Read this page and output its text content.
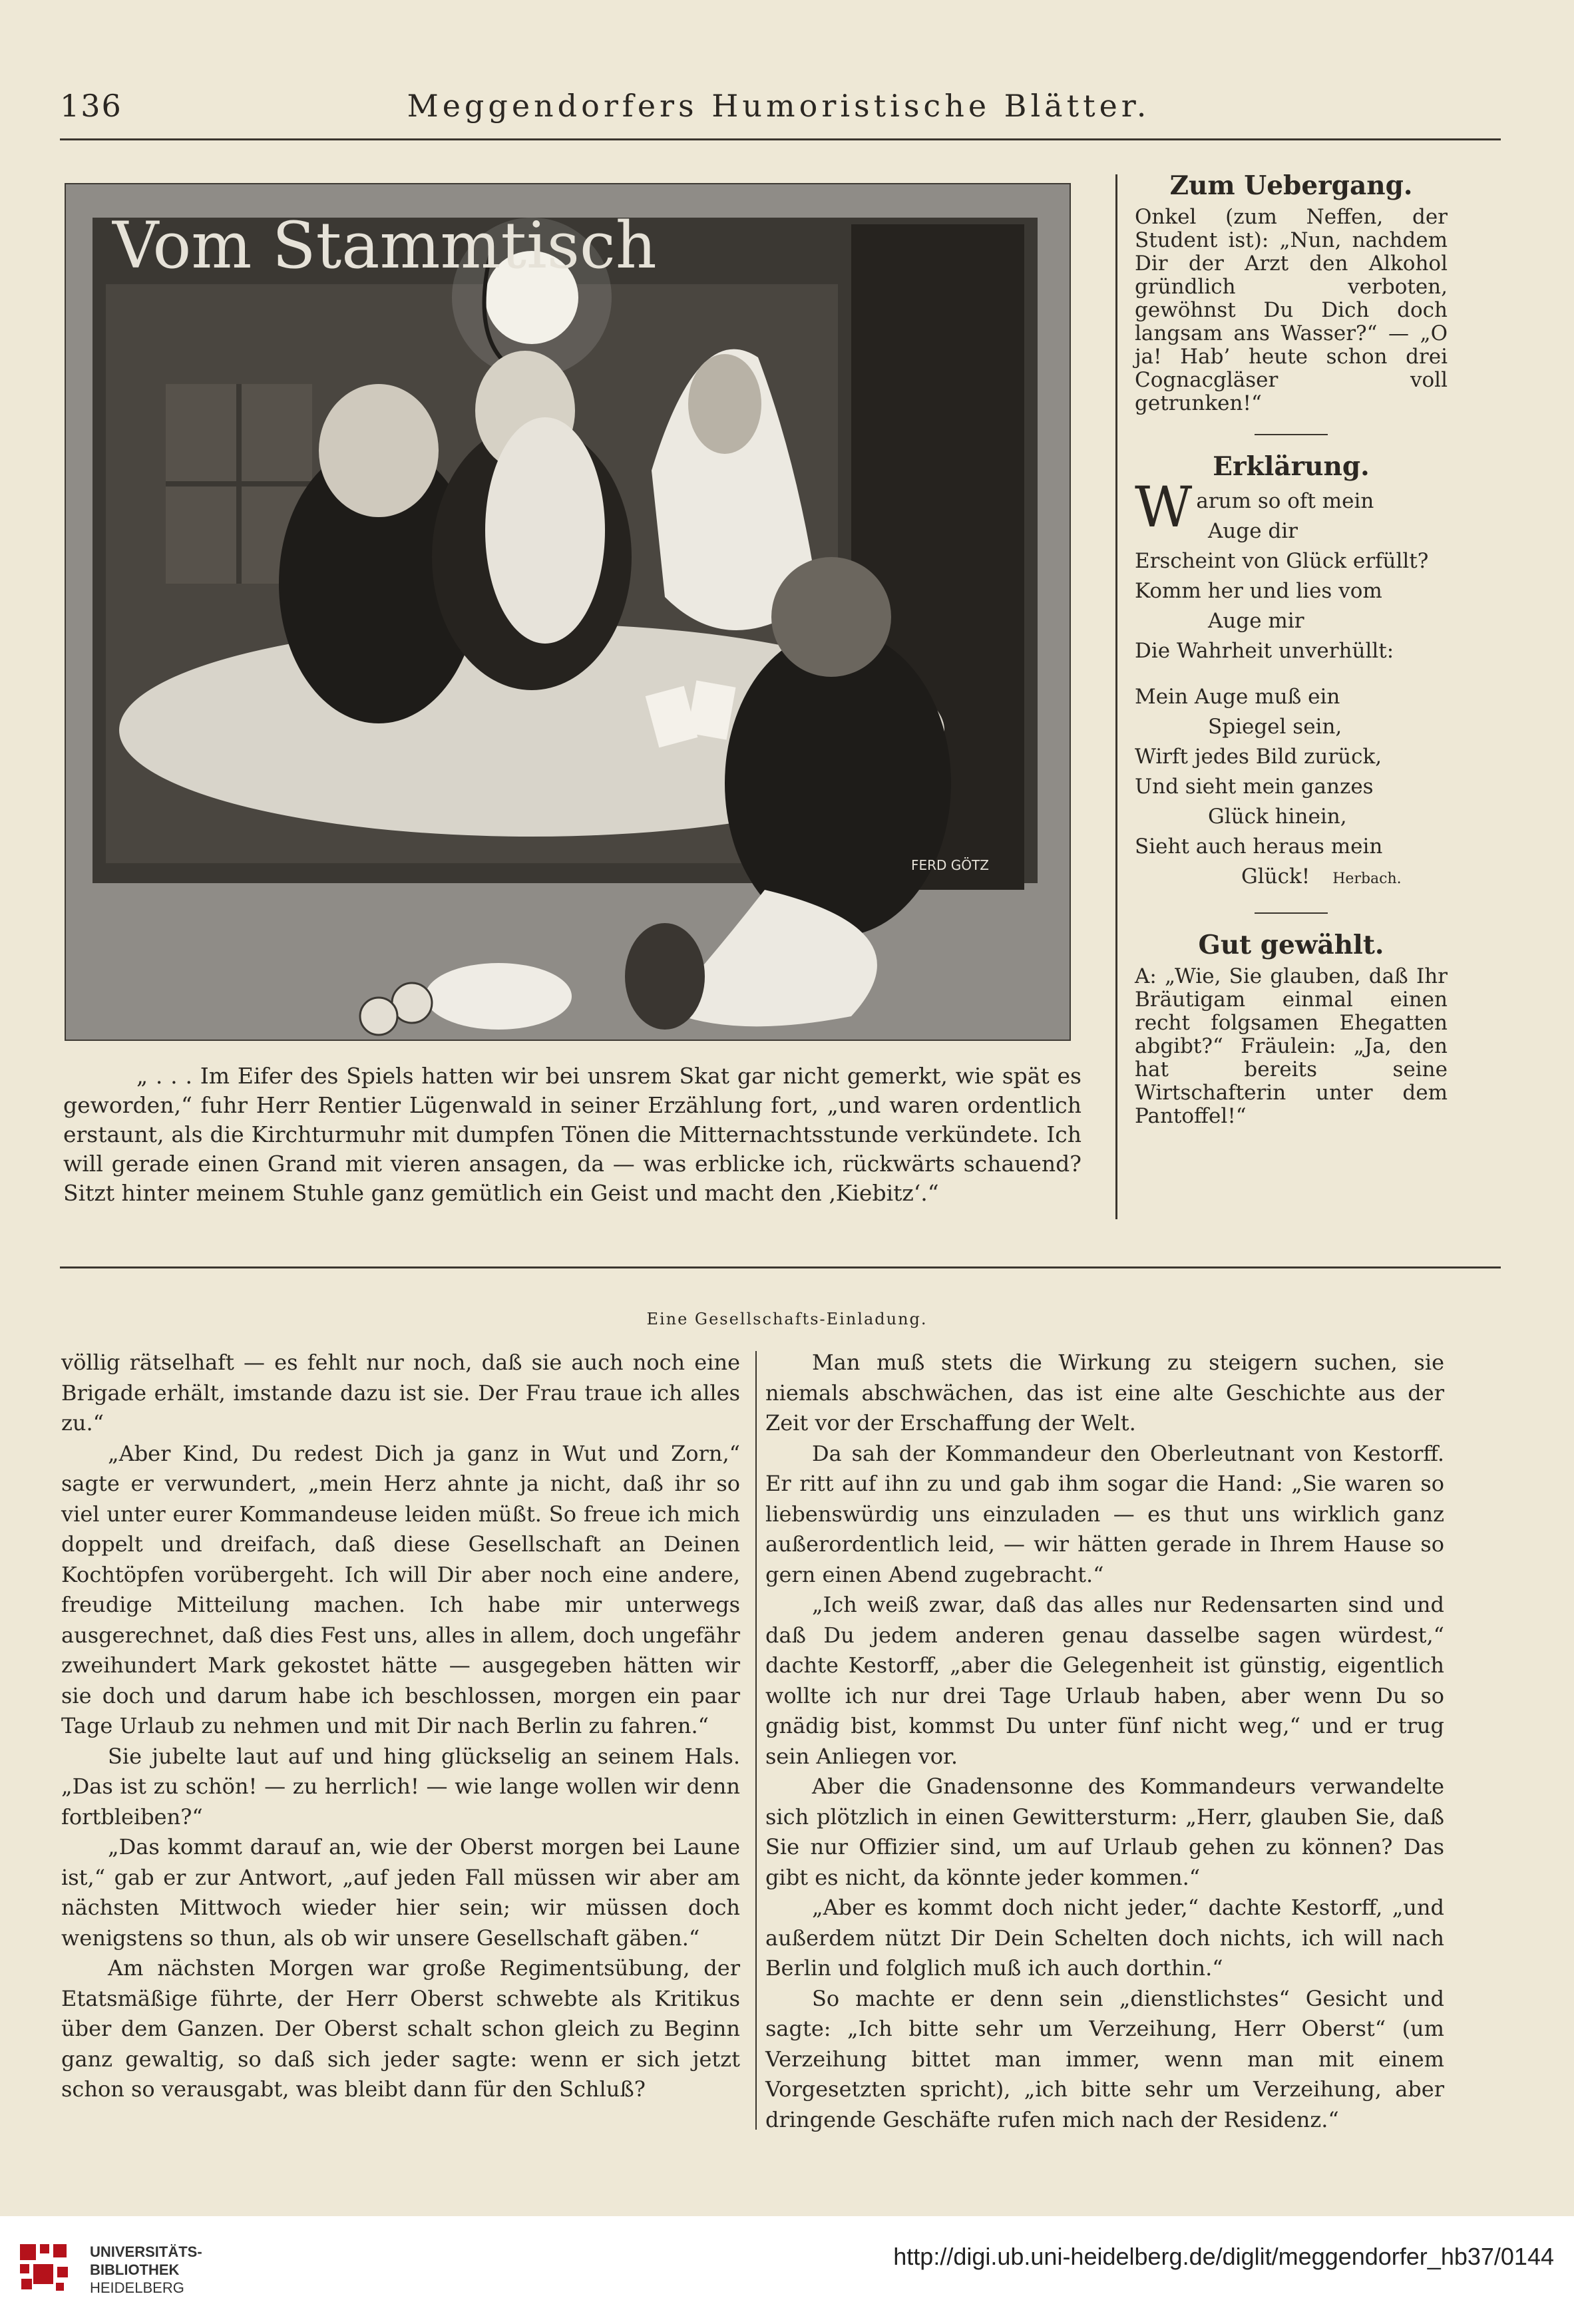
136	Meggendorfers Humoristische Blätter.
Vom Stammtisch
FERD GÖTZ

„ . . . Im Eifer des Spiels hatten wir bei unsrem Skat gar nicht gemerkt, wie spät es geworden,“ fuhr Herr Rentier Lügenwald in seiner Erzählung fort, „und waren ordentlich erstaunt, als die Kirchturmuhr mit dumpfen Tönen die Mitternachtsstunde verkündete. Ich will gerade einen Grand mit vieren ansagen, da — was erblicke ich, rückwärts schauend? Sitzt hinter meinem Stuhle ganz gemütlich ein Geist und macht den ‚Kiebitz‘.“

Zum Uebergang.

Onkel (zum Neffen, der Student ist): „Nun, nachdem Dir der Arzt den Alkohol gründlich verboten, gewöhnst Du Dich doch langsam ans Wasser?“ — „O ja! Hab’ heute schon drei Cognacgläser voll getrunken!“

Erklärung.
W arum so oft mein
Auge dir
Erscheint von Glück erfüllt?
Komm her und lies vom
Auge mir
Die Wahrheit unverhüllt:
Mein Auge muß ein
Spiegel sein,
Wirft jedes Bild zurück,
Und sieht mein ganzes
Glück hinein,
Sieht auch heraus mein
Glück! Herbach.
Gut gewählt.

A: „Wie, Sie glauben, daß Ihr Bräutigam einmal einen recht folgsamen Ehegatten abgibt?“ Fräulein: „Ja, den hat bereits seine Wirtschafterin unter dem Pantoffel!“

Eine Gesellschafts-Einladung.

völlig rätselhaft — es fehlt nur noch, daß sie auch noch eine Brigade erhält, imstande dazu ist sie. Der Frau traue ich alles zu.“

„Aber Kind, Du redest Dich ja ganz in Wut und Zorn,“ sagte er verwundert, „mein Herz ahnte ja nicht, daß ihr so viel unter eurer Kommandeuse leiden müßt. So freue ich mich doppelt und dreifach, daß diese Gesellschaft an Deinen Kochtöpfen vorübergeht. Ich will Dir aber noch eine andere, freudige Mitteilung machen. Ich habe mir unterwegs ausgerechnet, daß dies Fest uns, alles in allem, doch ungefähr zweihundert Mark gekostet hätte — ausgegeben hätten wir sie doch und darum habe ich beschlossen, morgen ein paar Tage Urlaub zu nehmen und mit Dir nach Berlin zu fahren.“

Sie jubelte laut auf und hing glückselig an seinem Hals. „Das ist zu schön! — zu herrlich! — wie lange wollen wir denn fortbleiben?“

„Das kommt darauf an, wie der Oberst morgen bei Laune ist,“ gab er zur Antwort, „auf jeden Fall müssen wir aber am nächsten Mittwoch wieder hier sein; wir müssen doch wenigstens so thun, als ob wir unsere Gesellschaft gäben.“

Am nächsten Morgen war große Regimentsübung, der Etatsmäßige führte, der Herr Oberst schwebte als Kritikus über dem Ganzen. Der Oberst schalt schon gleich zu Beginn ganz gewaltig, so daß sich jeder sagte: wenn er sich jetzt schon so verausgabt, was bleibt dann für den Schluß?

Man muß stets die Wirkung zu steigern suchen, sie niemals abschwächen, das ist eine alte Geschichte aus der Zeit vor der Erschaffung der Welt.

Da sah der Kommandeur den Oberleutnant von Kestorff. Er ritt auf ihn zu und gab ihm sogar die Hand: „Sie waren so liebenswürdig uns einzuladen — es thut uns wirklich ganz außerordentlich leid, — wir hätten gerade in Ihrem Hause so gern einen Abend zugebracht.“

„Ich weiß zwar, daß das alles nur Redensarten sind und daß Du jedem anderen genau dasselbe sagen würdest,“ dachte Kestorff, „aber die Gelegenheit ist günstig, eigentlich wollte ich nur drei Tage Urlaub haben, aber wenn Du so gnädig bist, kommst Du unter fünf nicht weg,“ und er trug sein Anliegen vor.

Aber die Gnadensonne des Kommandeurs verwandelte sich plötzlich in einen Gewittersturm: „Herr, glauben Sie, daß Sie nur Offizier sind, um auf Urlaub gehen zu können? Das gibt es nicht, da könnte jeder kommen.“

„Aber es kommt doch nicht jeder,“ dachte Kestorff, „und außerdem nützt Dir Dein Schelten doch nichts, ich will nach Berlin und folglich muß ich auch dorthin.“

So machte er denn sein „dienstlichstes“ Gesicht und sagte: „Ich bitte sehr um Verzeihung, Herr Oberst“ (um Verzeihung bittet man immer, wenn man mit einem Vorgesetzten spricht), „ich bitte sehr um Verzeihung, aber dringende Geschäfte rufen mich nach der Residenz.“

UNIVERSITÄTS-
BIBLIOTHEK
HEIDELBERG
http://digi.ub.uni-heidelberg.de/diglit/meggendorfer_hb37/0144
